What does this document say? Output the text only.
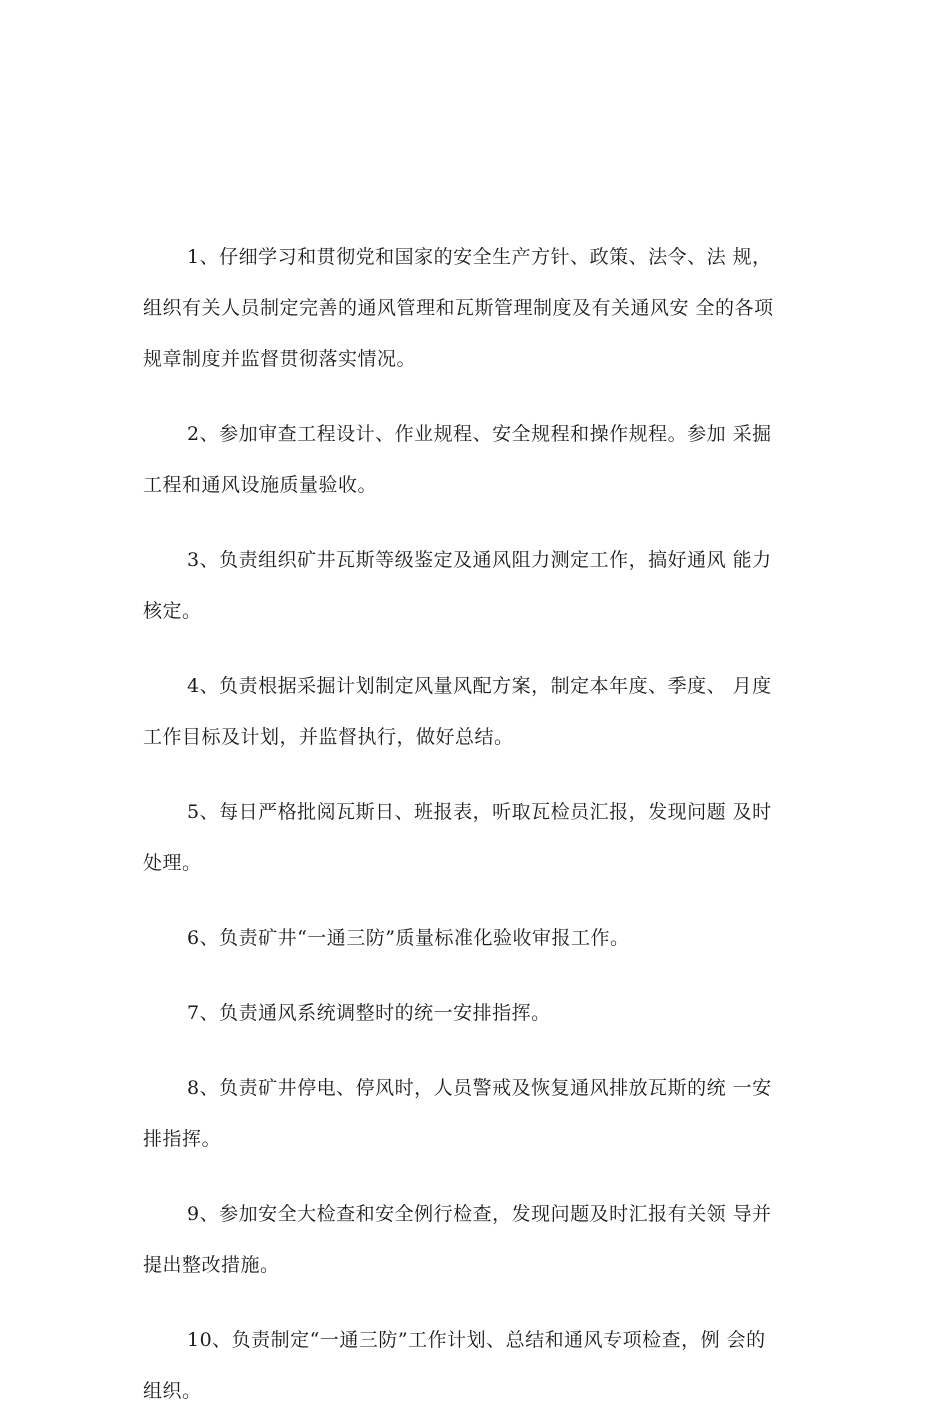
1、仔细学习和贯彻党和国家的安全生产方针、政策、法令、法 规，
组织有关人员制定完善的通风管理和瓦斯管理制度及有关通风安 全的各项
规章制度并监督贯彻落实情况。
2、参加审查工程设计、作业规程、安全规程和操作规程。参加 采掘
工程和通风设施质量验收。
3、负责组织矿井瓦斯等级鉴定及通风阻力测定工作，搞好通风 能力
核定。
4、负责根据采掘计划制定风量风配方案，制定本年度、季度、 月度
工作目标及计划，并监督执行，做好总结。
5、每日严格批阅瓦斯日、班报表，听取瓦检员汇报，发现问题 及时
处理。
6、负责矿井“一通三防”质量标准化验收审报工作。
7、负责通风系统调整时的统一安排指挥。
8、负责矿井停电、停风时，人员警戒及恢复通风排放瓦斯的统 一安
排指挥。
9、参加安全大检查和安全例行检查，发现问题及时汇报有关领 导并
提出整改措施。
10、负责制定“一通三防”工作计划、总结和通风专项检查，例 会的
组织。
